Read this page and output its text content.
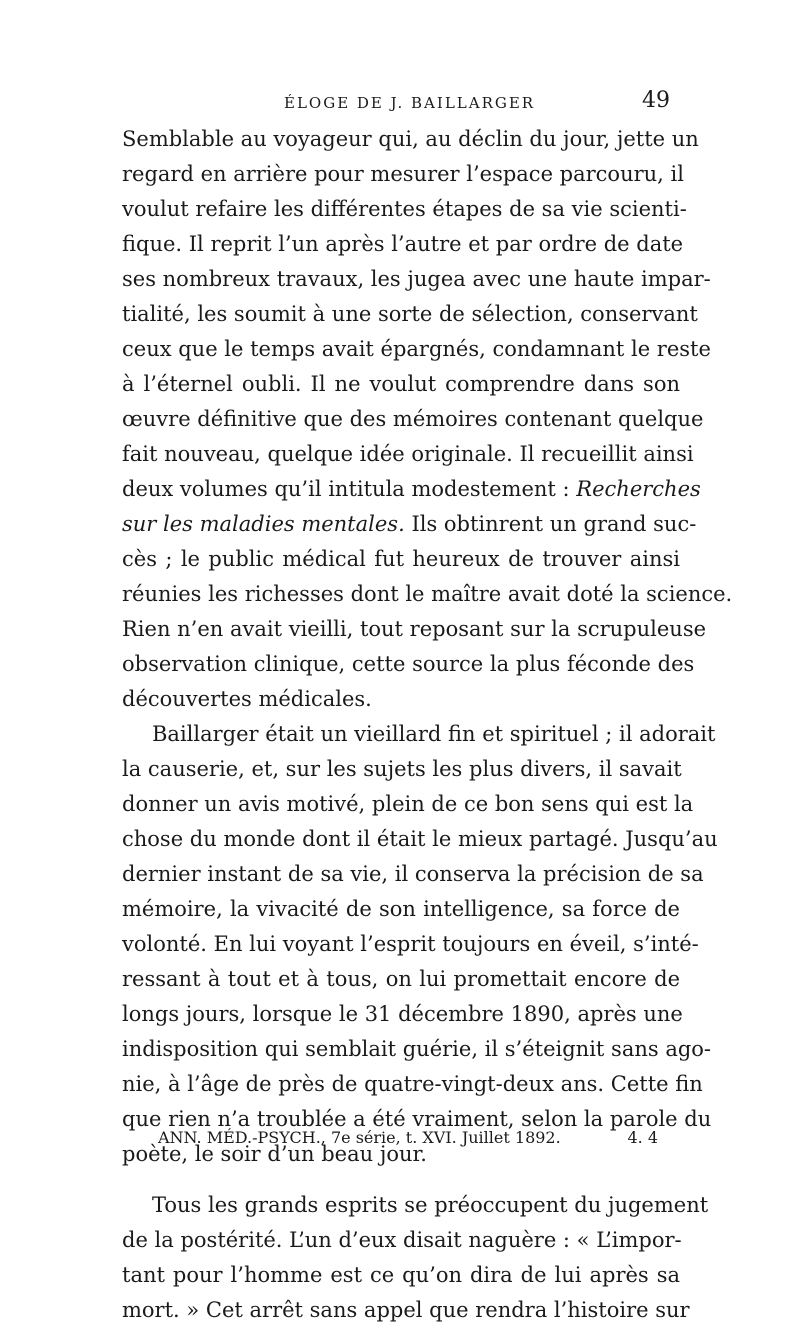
ÉLOGE DE J. BAILLARGER	49
Semblable au voyageur qui, au déclin du jour, jette un
regard en arrière pour mesurer l’espace parcouru, il
voulut refaire les différentes étapes de sa vie scienti-
fique. Il reprit l’un après l’autre et par ordre de date
ses nombreux travaux, les jugea avec une haute impar-
tialité, les soumit à une sorte de sélection, conservant
ceux que le temps avait épargnés, condamnant le reste
à l’éternel oubli. Il ne voulut comprendre dans son
œuvre définitive que des mémoires contenant quelque
fait nouveau, quelque idée originale. Il recueillit ainsi
deux volumes qu’il intitula modestement : Recherches
sur les maladies mentales. Ils obtinrent un grand suc-
cès ; le public médical fut heureux de trouver ainsi
réunies les richesses dont le maître avait doté la science.
Rien n’en avait vieilli, tout reposant sur la scrupuleuse
observation clinique, cette source la plus féconde des
découvertes médicales.
Baillarger était un vieillard fin et spirituel ; il adorait
la causerie, et, sur les sujets les plus divers, il savait
donner un avis motivé, plein de ce bon sens qui est la
chose du monde dont il était le mieux partagé. Jusqu’au
dernier instant de sa vie, il conserva la précision de sa
mémoire, la vivacité de son intelligence, sa force de
volonté. En lui voyant l’esprit toujours en éveil, s’inté-
ressant à tout et à tous, on lui promettait encore de
longs jours, lorsque le 31 décembre 1890, après une
indisposition qui semblait guérie, il s’éteignit sans ago-
nie, à l’âge de près de quatre-vingt-deux ans. Cette fin
que rien n’a troublée a été vraiment, selon la parole du
poète, le soir d’un beau jour.
Tous les grands esprits se préoccupent du jugement
de la postérité. L’un d’eux disait naguère : « L’impor-
tant pour l’homme est ce qu’on dira de lui après sa
mort. » Cet arrêt sans appel que rendra l’histoire sur
ANN. MÉD.-PSYCH., 7e série, t. XVI. Juillet 1892.	4. 4
